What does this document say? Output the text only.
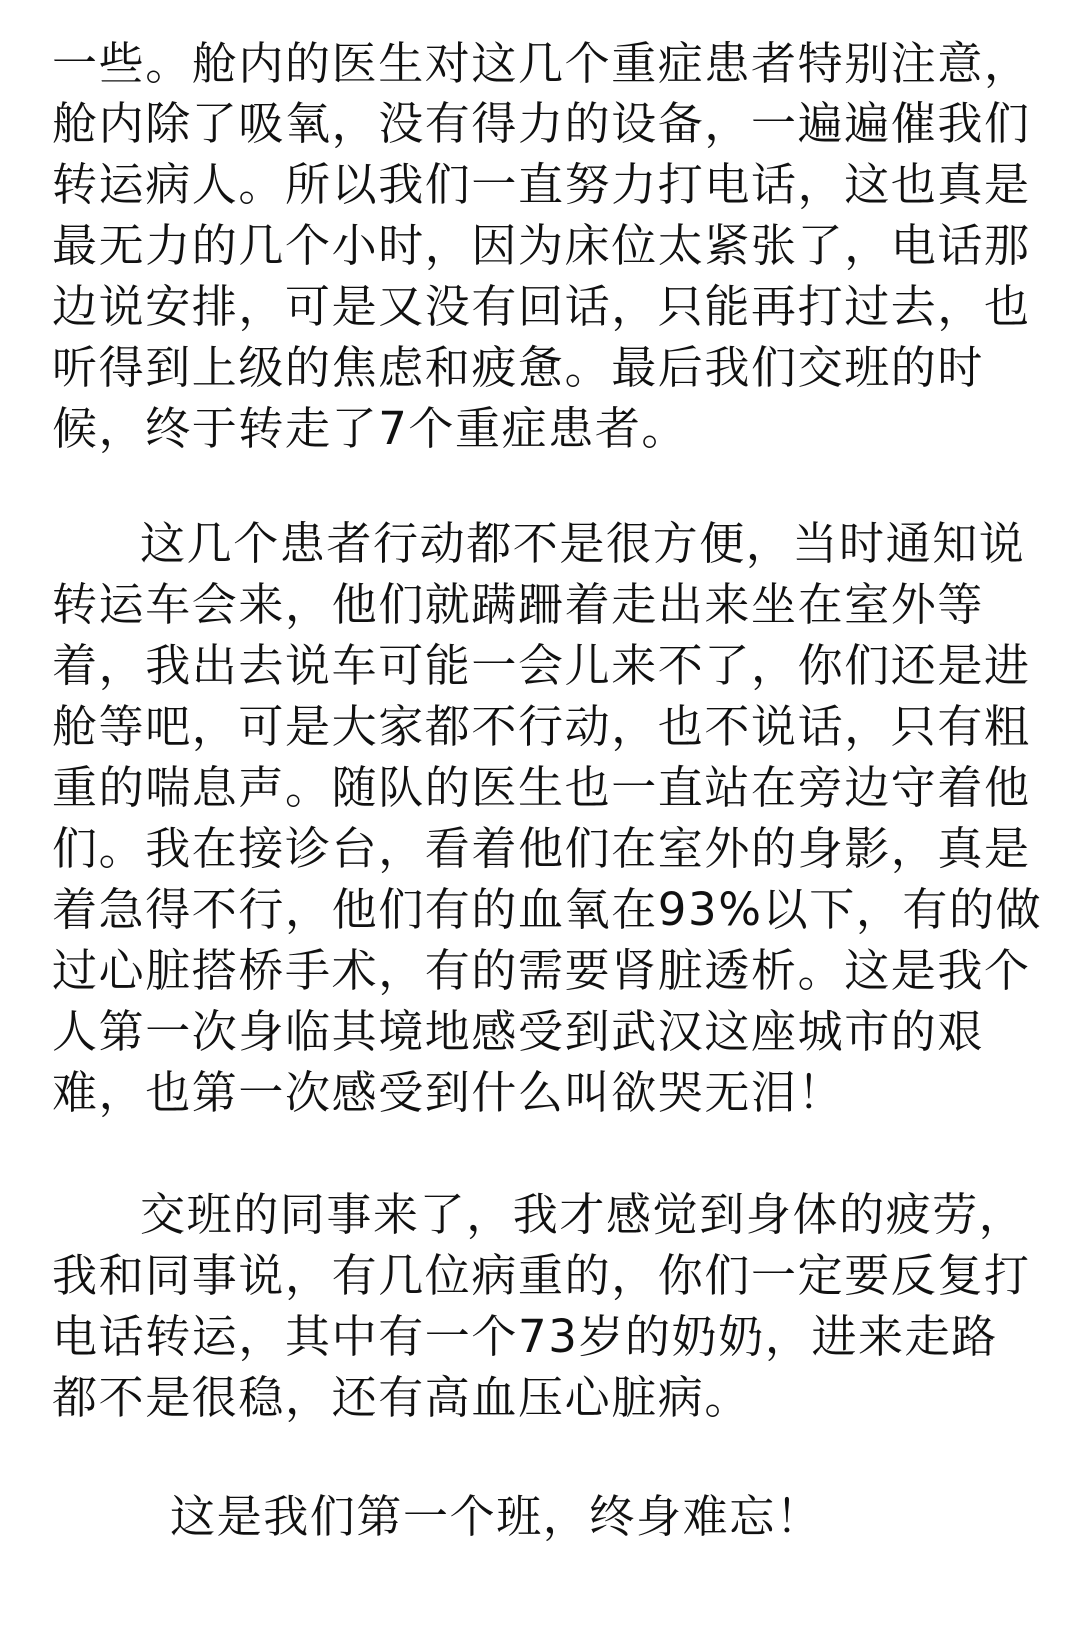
一些。舱内的医生对这几个重症患者特别注意，
舱内除了吸氧，没有得力的设备，一遍遍催我们
转运病人。所以我们一直努力打电话，这也真是
最无力的几个小时，因为床位太紧张了，电话那
边说安排，可是又没有回话，只能再打过去，也
听得到上级的焦虑和疲惫。最后我们交班的时
候，终于转走了7个重症患者。
这几个患者行动都不是很方便，当时通知说
转运车会来，他们就蹒跚着走出来坐在室外等
着，我出去说车可能一会儿来不了，你们还是进
舱等吧，可是大家都不行动，也不说话，只有粗
重的喘息声。随队的医生也一直站在旁边守着他
们。我在接诊台，看着他们在室外的身影，真是
着急得不行，他们有的血氧在93%以下，有的做
过心脏搭桥手术，有的需要肾脏透析。这是我个
人第一次身临其境地感受到武汉这座城市的艰
难，也第一次感受到什么叫欲哭无泪！
交班的同事来了，我才感觉到身体的疲劳，
我和同事说，有几位病重的，你们一定要反复打
电话转运，其中有一个73岁的奶奶，进来走路
都不是很稳，还有高血压心脏病。
这是我们第一个班，终身难忘！
